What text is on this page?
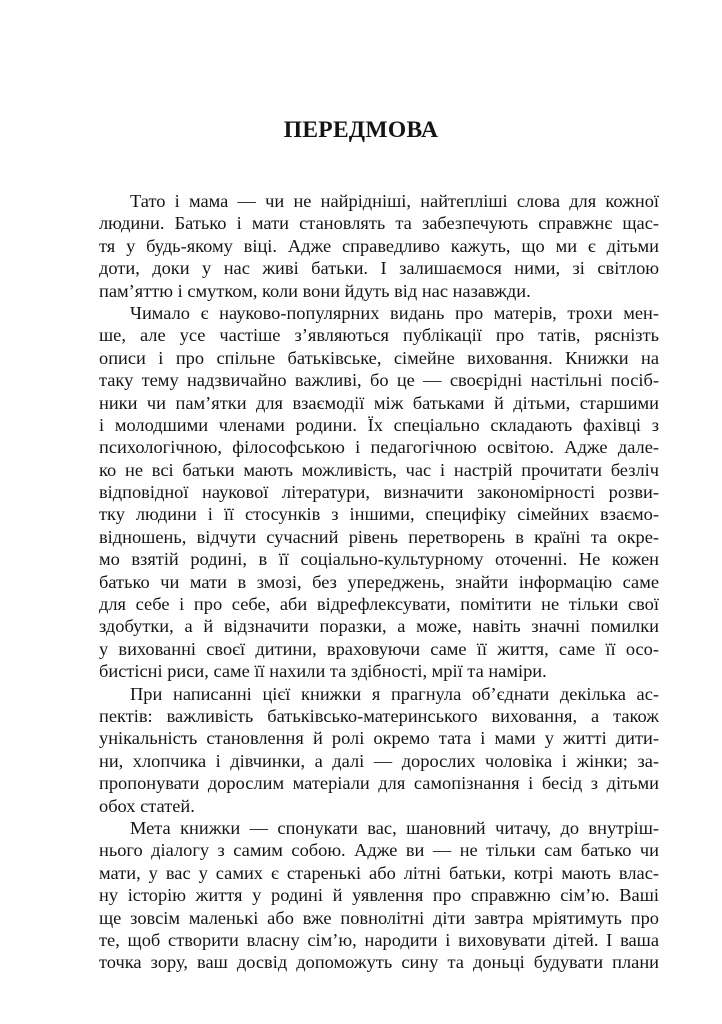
ПЕРЕДМОВА
Тато і мама — чи не найрідніші, найтепліші слова для кожної
людини. Батько і мати становлять та забезпечують справжнє щас-
тя у будь-якому віці. Адже справедливо кажуть, що ми є дітьми
доти, доки у нас живі батьки. І залишаємося ними, зі світлою
пам’яттю і смутком, коли вони йдуть від нас назавжди.
Чимало є науково-популярних видань про матерів, трохи мен-
ше, але усе частіше з’являються публікації про татів, ряснізть
описи і про спільне батьківське, сімейне виховання. Книжки на
таку тему надзвичайно важливі, бо це — своєрідні настільні посіб-
ники чи пам’ятки для взаємодії між батьками й дітьми, старшими
і молодшими членами родини. Їх спеціально складають фахівці з
психологічною, філософською і педагогічною освітою. Адже дале-
ко не всі батьки мають можливість, час і настрій прочитати безліч
відповідної наукової літератури, визначити закономірності розви-
тку людини і її стосунків з іншими, специфіку сімейних взаємо-
відношень, відчути сучасний рівень перетворень в країні та окре-
мо взятій родині, в її соціально-культурному оточенні. Не кожен
батько чи мати в змозі, без упереджень, знайти інформацію саме
для себе і про себе, аби відрефлексувати, помітити не тільки свої
здобутки, а й відзначити поразки, а може, навіть значні помилки
у вихованні своєї дитини, враховуючи саме її життя, саме її осо-
бистісні риси, саме її нахили та здібності, мрії та наміри.
При написанні цієї книжки я прагнула об’єднати декілька ас-
пектів: важливість батьківсько-материнського виховання, а також
унікальність становлення й ролі окремо тата і мами у житті дити-
ни, хлопчика і дівчинки, а далі — дорослих чоловіка і жінки; за-
пропонувати дорослим матеріали для самопізнання і бесід з дітьми
обох статей.
Мета книжки — спонукати вас, шановний читачу, до внутріш-
нього діалогу з самим собою. Адже ви — не тільки сам батько чи
мати, у вас у самих є старенькі або літні батьки, котрі мають влас-
ну історію життя у родині й уявлення про справжню сім’ю. Ваші
ще зовсім маленькі або вже повнолітні діти завтра мріятимуть про
те, щоб створити власну сім’ю, народити і виховувати дітей. І ваша
точка зору, ваш досвід допоможуть сину та доньці будувати плани
